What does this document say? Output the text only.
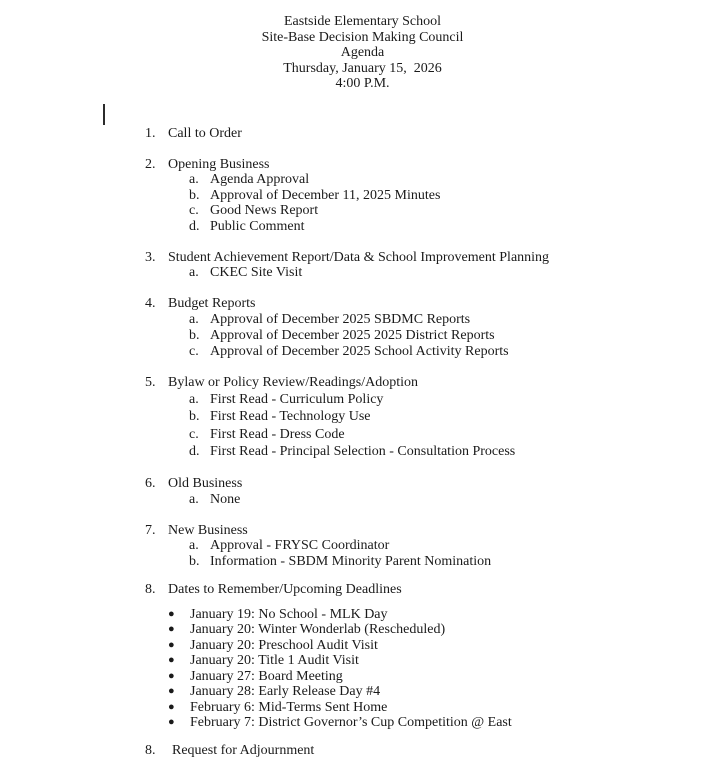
Eastside Elementary School
Site-Base Decision Making Council
Agenda
Thursday, January 15,  2026
4:00 P.M.
1. Call to Order
2. Opening Business
a. Agenda Approval
b. Approval of December 11, 2025 Minutes
c. Good News Report
d. Public Comment
3. Student Achievement Report/Data & School Improvement Planning
a. CKEC Site Visit
4. Budget Reports
a. Approval of December 2025 SBDMC Reports
b. Approval of December 2025 2025 District Reports
c. Approval of December 2025 School Activity Reports
5. Bylaw or Policy Review/Readings/Adoption
a. First Read - Curriculum Policy
b. First Read - Technology Use
c. First Read - Dress Code
d. First Read - Principal Selection - Consultation Process
6. Old Business
a. None
7. New Business
a. Approval - FRYSC Coordinator
b. Information - SBDM Minority Parent Nomination
8. Dates to Remember/Upcoming Deadlines
● January 19: No School - MLK Day
● January 20: Winter Wonderlab (Rescheduled)
● January 20: Preschool Audit Visit
● January 20: Title 1 Audit Visit
● January 27: Board Meeting
● January 28: Early Release Day #4
● February 6: Mid-Terms Sent Home
● February 7: District Governor’s Cup Competition @ East
8. Request for Adjournment
